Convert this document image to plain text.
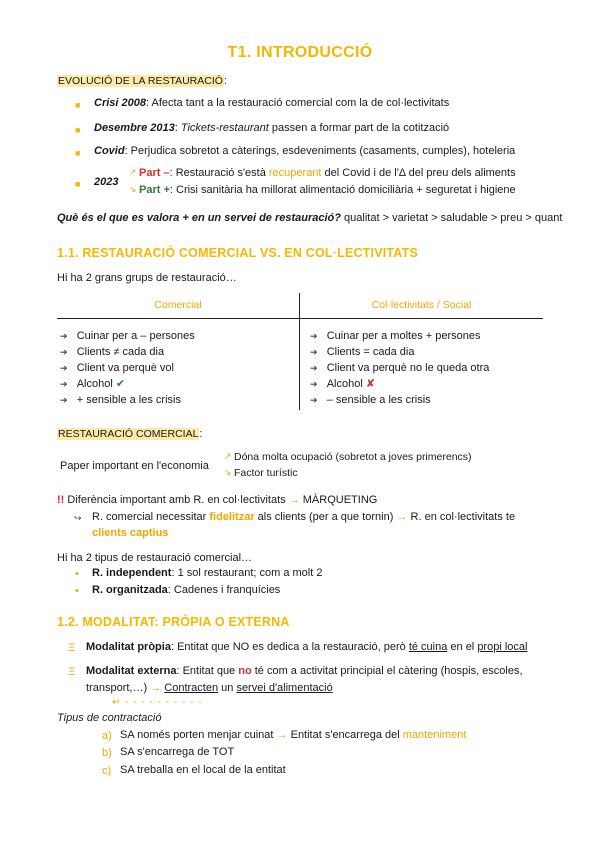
T1. INTRODUCCIÓ
EVOLUCIÓ DE LA RESTAURACIÓ:
■ Crisi 2008: Afecta tant a la restauració comercial com la de col·lectivitats
■ Desembre 2013: Tickets-restaurant passen a formar part de la cotització
■ Covid: Perjudica sobretot a càterings, esdeveniments (casaments, cumples), hoteleria
■ 2023
↗
↘
Part –: Restauració s'està recuperant del Covid i de l'Δ del preu dels aliments
Part +: Crisi sanitària ha millorat alimentació domiciliària + seguretat i higiene
Què és el que es valora + en un servei de restauració? qualitat > varietat > saludable > preu > quant
1.1. RESTAURACIÓ COMERCIAL VS. EN COL·LECTIVITATS
Hi ha 2 grans grups de restauració…
Comercial	Col·lectivitats / Social
➔ Cuinar per a – persones
➔ Clients ≠ cada dia
➔ Client va perquè vol
➔ Alcohol ✔
➔ + sensible a les crisis
➔ Cuinar per a moltes + persones
➔ Clients = cada dia
➔ Client va perquè no le queda otra
➔ Alcohol ✘
➔ – sensible a les crisis
RESTAURACIÓ COMERCIAL:
Paper important en l'economia
↗
↘
Dóna molta ocupació (sobretot a joves primerencs)
Factor turístic
!! Diferència important amb R. en col·lectivitats → MÀRQUETING
↪ R. comercial necessitar fidelitzar als clients (per a que tornin) → R. en col·lectivitats te
clients captius
Hi ha 2 tipus de restauració comercial…
• R. independent: 1 sol restaurant; com a molt 2
• R. organitzada: Cadenes i franquícies
1.2. MODALITAT: PRÒPIA O EXTERNA
Ξ Modalitat pròpia: Entitat que NO es dedica a la restauració, però té cuina en el propi local
Ξ Modalitat externa: Entitat que no té com a activitat principial el càtering (hospis, escoles,
transport,…) → Contracten un servei d'alimentació
↵ - - - - - - - - - -
Tipus de contractació
a) SA només porten menjar cuinat → Entitat s'encarrega del manteniment
b) SA s'encarrega de TOT
c) SA treballa en el local de la entitat
